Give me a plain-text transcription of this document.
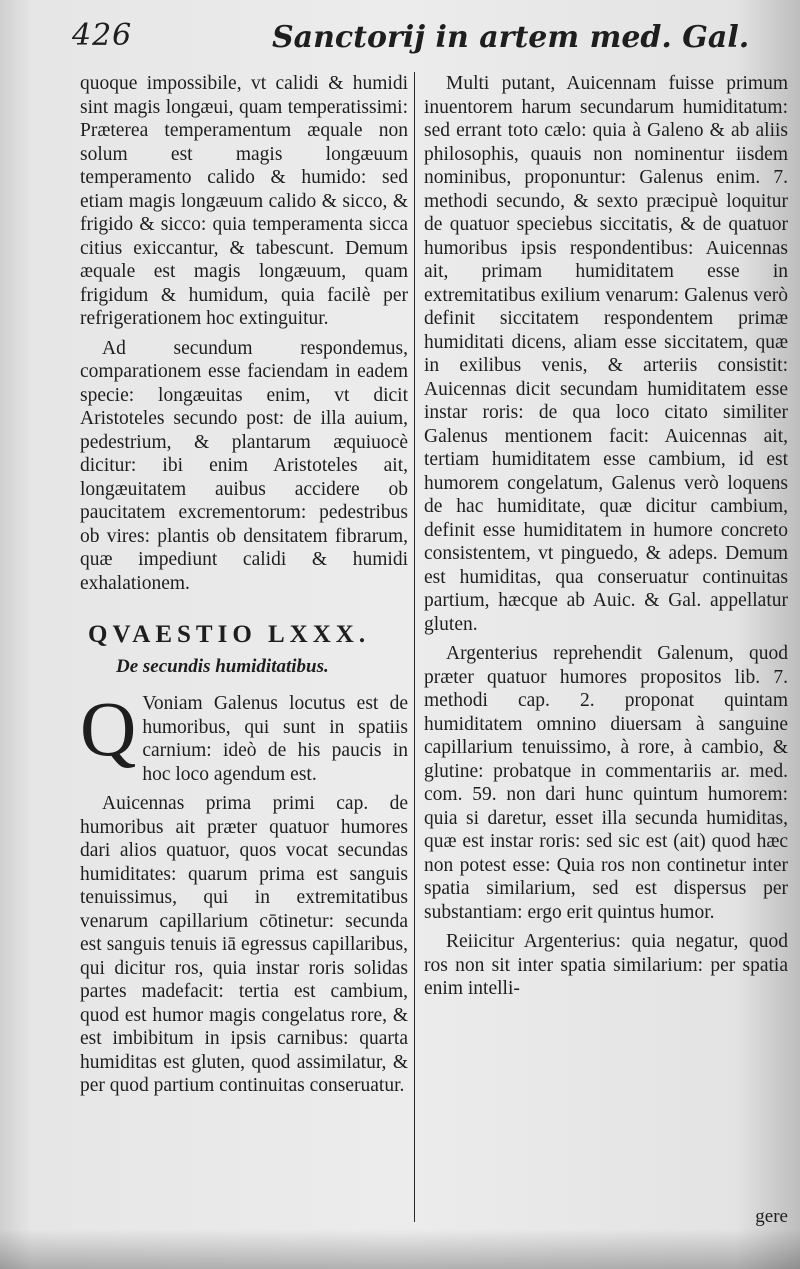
426	Sanctorij in artem med. Gal.

quoque impossibile, vt calidi & humidi sint magis longæui, quam temperatissimi: Præterea temperamentum æquale non solum est magis longæuum temperamento calido & humido: sed etiam magis longæuum calido & sicco, & frigido & sicco: quia temperamenta sicca citius exiccantur, & tabescunt. Demum æquale est magis longæuum, quam frigidum & humidum, quia facilè per refrigerationem hoc extinguitur.

Ad secundum respondemus, comparationem esse faciendam in eadem specie: longæuitas enim, vt dicit Aristoteles secundo post: de illa auium, pedestrium, & plantarum æquiuocè dicitur: ibi enim Aristoteles ait, longæuitatem auibus accidere ob paucitatem excrementorum: pedestribus ob vires: plantis ob densitatem fibrarum, quæ impediunt calidi & humidi exhalationem.

QVAESTIO LXXX.
De secundis humiditatibus.

Q Voniam Galenus locutus est de humoribus, qui sunt in spatiis carnium: ideò de his paucis in hoc loco agendum est.

Auicennas prima primi cap. de humoribus ait præter quatuor humores dari alios quatuor, quos vocat secundas humiditates: quarum prima est sanguis tenuissimus, qui in extremitatibus venarum capillarium cōtinetur: secunda est sanguis tenuis iā egressus capillaribus, qui dicitur ros, quia instar roris solidas partes madefacit: tertia est cambium, quod est humor magis congelatus rore, & est imbibitum in ipsis carnibus: quarta humiditas est gluten, quod assimilatur, & per quod partium continuitas conseruatur.

Multi putant, Auicennam fuisse primum inuentorem harum secundarum humiditatum: sed errant toto cælo: quia à Galeno & ab aliis philosophis, quauis non nominentur iisdem nominibus, proponuntur: Galenus enim. 7. methodi secundo, & sexto præcipuè loquitur de quatuor speciebus siccitatis, & de quatuor humoribus ipsis respondentibus: Auicennas ait, primam humiditatem esse in extremitatibus exilium venarum: Galenus verò definit siccitatem respondentem primæ humiditati dicens, aliam esse siccitatem, quæ in exilibus venis, & arteriis consistit: Auicennas dicit secundam humiditatem esse instar roris: de qua loco citato similiter Galenus mentionem facit: Auicennas ait, tertiam humiditatem esse cambium, id est humorem congelatum, Galenus verò loquens de hac humiditate, quæ dicitur cambium, definit esse humiditatem in humore concreto consistentem, vt pinguedo, & adeps. Demum est humiditas, qua conseruatur continuitas partium, hæcque ab Auic. & Gal. appellatur gluten.

Argenterius reprehendit Galenum, quod præter quatuor humores propositos lib. 7. methodi cap. 2. proponat quintam humiditatem omnino diuersam à sanguine capillarium tenuissimo, à rore, à cambio, & glutine: probatque in commentariis ar. med. com. 59. non dari hunc quintum humorem: quia si daretur, esset illa secunda humiditas, quæ est instar roris: sed sic est (ait) quod hæc non potest esse: Quia ros non continetur inter spatia similarium, sed est dispersus per substantiam: ergo erit quintus humor.

Reiicitur Argenterius: quia negatur, quod ros non sit inter spatia similarium: per spatia enim intelli-

gere
